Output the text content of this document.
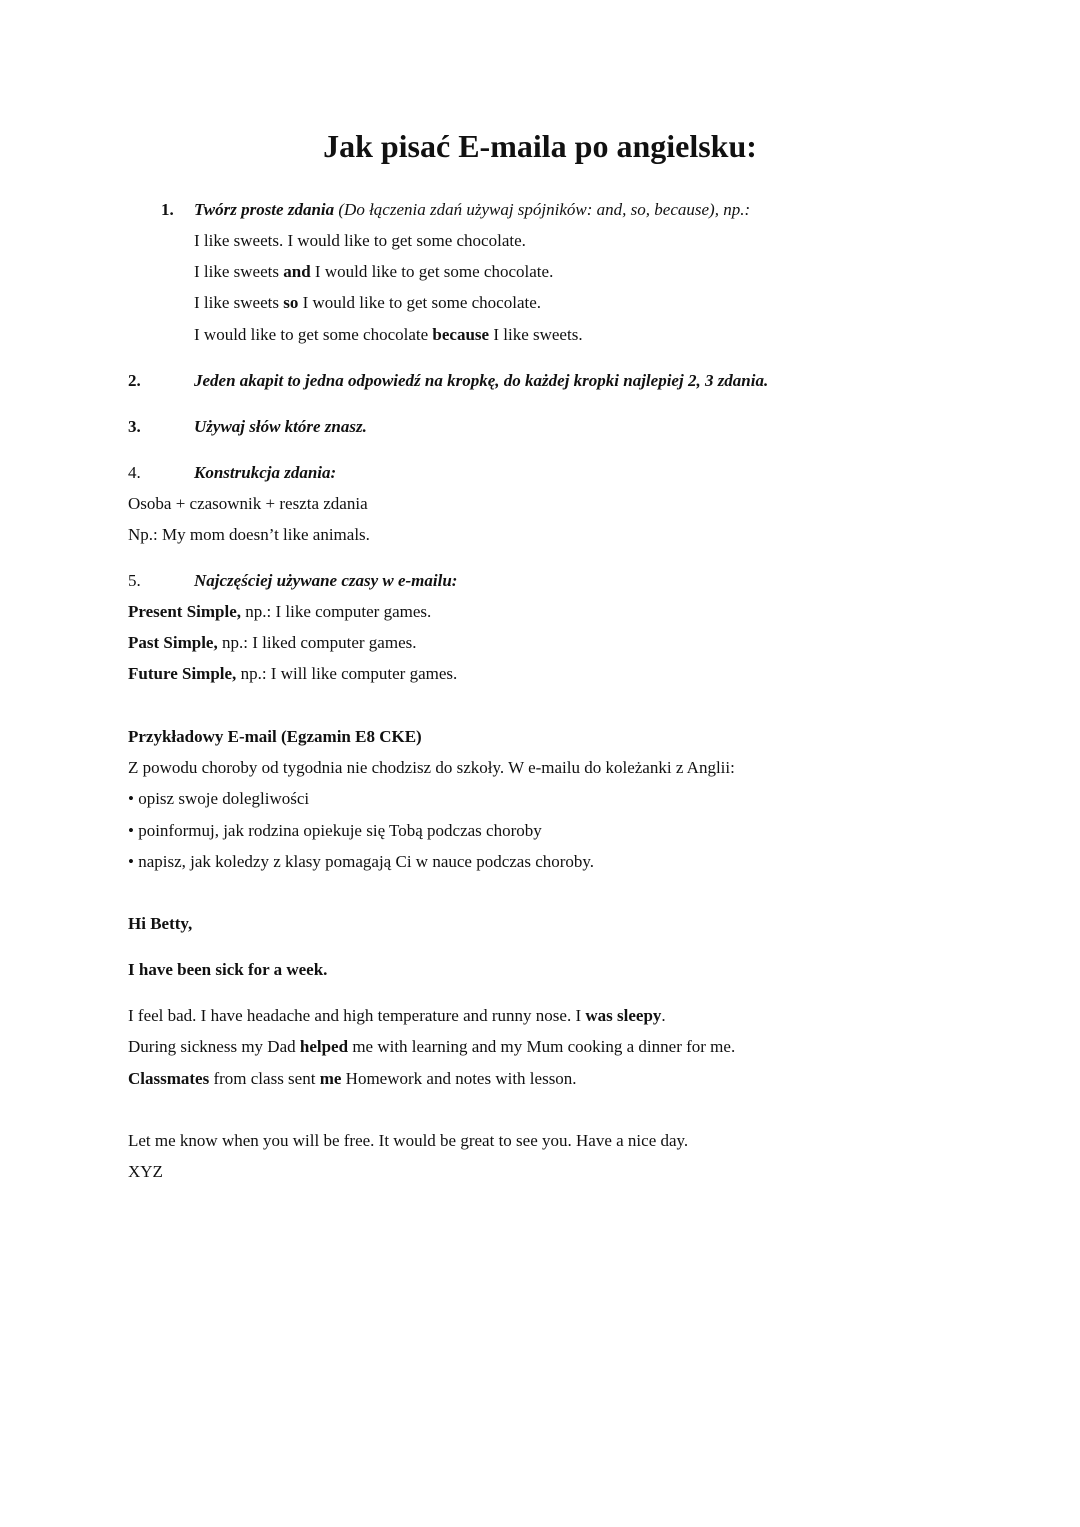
Jak pisać E-maila po angielsku:
1. Twórz proste zdania (Do łączenia zdań używaj spójników: and, so, because), np.:
I like sweets. I would like to get some chocolate.
I like sweets and I would like to get some chocolate.
I like sweets so I would like to get some chocolate.
I would like to get some chocolate because I like sweets.
2.	Jeden akapit to jedna odpowiedź na kropkę, do każdej kropki najlepiej 2, 3 zdania.
3.	Używaj słów które znasz.
4.	Konstrukcja zdania:
Osoba + czasownik + reszta zdania
Np.: My mom doesn’t like animals.
5.	Najczęściej używane czasy w e-mailu:
Present Simple, np.: I like computer games.
Past Simple, np.: I liked computer games.
Future Simple, np.: I will like computer games.
Przykładowy E-mail (Egzamin E8 CKE)
Z powodu choroby od tygodnia nie chodzisz do szkoły. W e-mailu do koleżanki z Anglii:
• opisz swoje dolegliwości
• poinformuj, jak rodzina opiekuje się Tobą podczas choroby
• napisz, jak koledzy z klasy pomagają Ci w nauce podczas choroby.
Hi Betty,
I have been sick for a week.
I feel bad. I have headache and high temperature and runny nose. I was sleepy.
During sickness my Dad helped me with learning and my Mum cooking a dinner for me.
Classmates from class sent me Homework and notes with lesson.
Let me know when you will be free. It would be great to see you. Have a nice day.
XYZ
